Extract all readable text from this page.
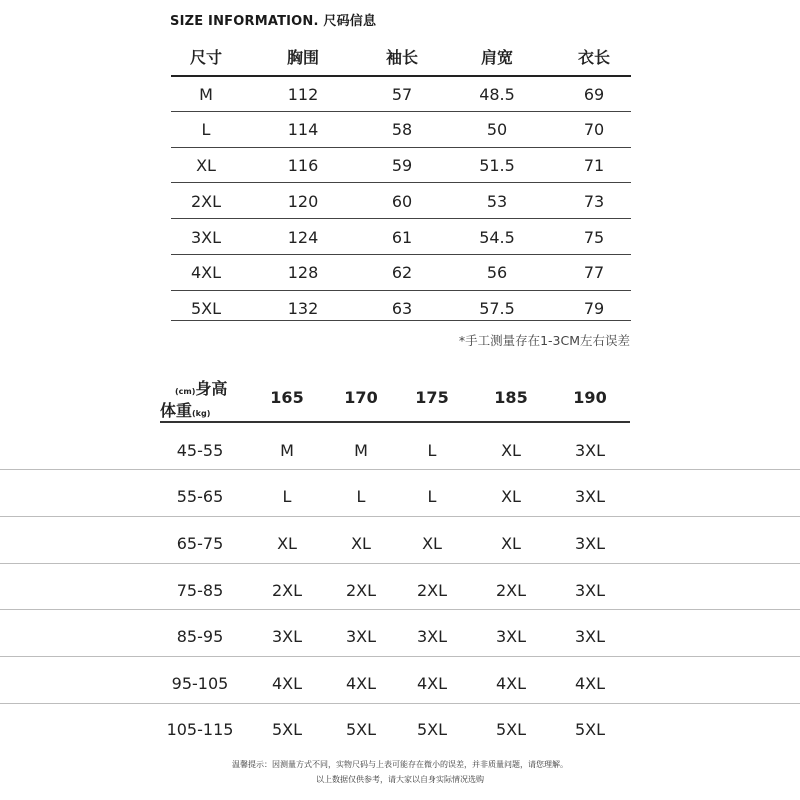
SIZE INFORMATION. 尺码信息
尺寸	胸围	袖长	肩宽	衣长
M	112	57	48.5	69
L	114	58	50	70
XL	116	59	51.5	71
2XL	120	60	53	73
3XL	124	61	54.5	75
4XL	128	62	56	77
5XL	132	63	57.5	79
*手工测量存在1-3CM左右误差
(cm)身高
体重(kg)
165	170 175	185	190
45-55	M	M	L	XL	3XL
55-65	L	L	L	XL	3XL
65-75	XL	XL	XL	XL	3XL
75-85	2XL	2XL	2XL	2XL	3XL
85-95	3XL	3XL	3XL	3XL	3XL
95-105	4XL	4XL	4XL	4XL	4XL
105-115 5XL	5XL	5XL	5XL	5XL
温馨提示：因测量方式不同，实物尺码与上表可能存在微小的误差，并非质量问题，请您理解。
以上数据仅供参考，请大家以自身实际情况选购
